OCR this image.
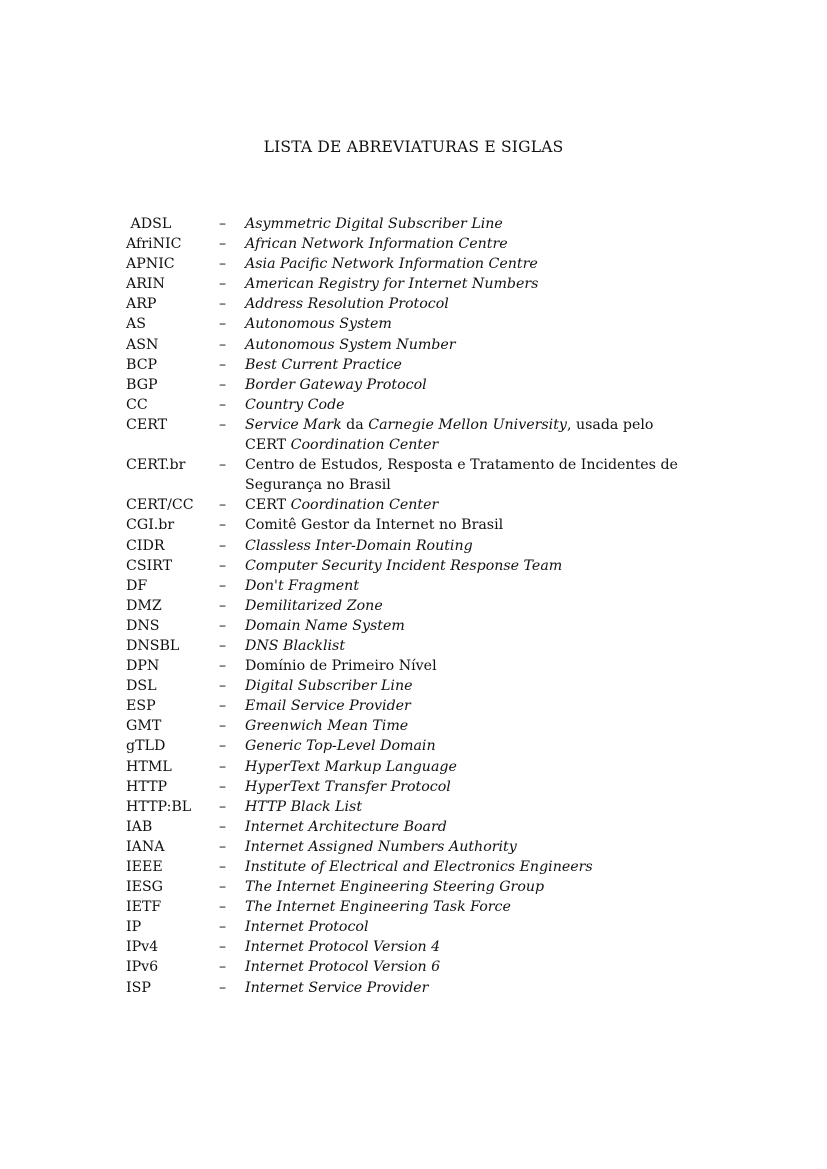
LISTA DE ABREVIATURAS E SIGLAS
ADSL	–	Asymmetric Digital Subscriber Line
AfriNIC	–	African Network Information Centre
APNIC	–	Asia Pacific Network Information Centre
ARIN	–	American Registry for Internet Numbers
ARP	–	Address Resolution Protocol
AS	–	Autonomous System
ASN	–	Autonomous System Number
BCP	–	Best Current Practice
BGP	–	Border Gateway Protocol
CC	–	Country Code
CERT	–	Service Mark da Carnegie Mellon University, usada pelo CERT Coordination Center
CERT.br	–	Centro de Estudos, Resposta e Tratamento de Incidentes de Segurança no Brasil
CERT/CC	–	CERT Coordination Center
CGI.br	–	Comitê Gestor da Internet no Brasil
CIDR	–	Classless Inter-Domain Routing
CSIRT	–	Computer Security Incident Response Team
DF	–	Don't Fragment
DMZ	–	Demilitarized Zone
DNS	–	Domain Name System
DNSBL	–	DNS Blacklist
DPN	–	Domínio de Primeiro Nível
DSL	–	Digital Subscriber Line
ESP	–	Email Service Provider
GMT	–	Greenwich Mean Time
gTLD	–	Generic Top-Level Domain
HTML	–	HyperText Markup Language
HTTP	–	HyperText Transfer Protocol
HTTP:BL	–	HTTP Black List
IAB	–	Internet Architecture Board
IANA	–	Internet Assigned Numbers Authority
IEEE	–	Institute of Electrical and Electronics Engineers
IESG	–	The Internet Engineering Steering Group
IETF	–	The Internet Engineering Task Force
IP	–	Internet Protocol
IPv4	–	Internet Protocol Version 4
IPv6	–	Internet Protocol Version 6
ISP	–	Internet Service Provider
